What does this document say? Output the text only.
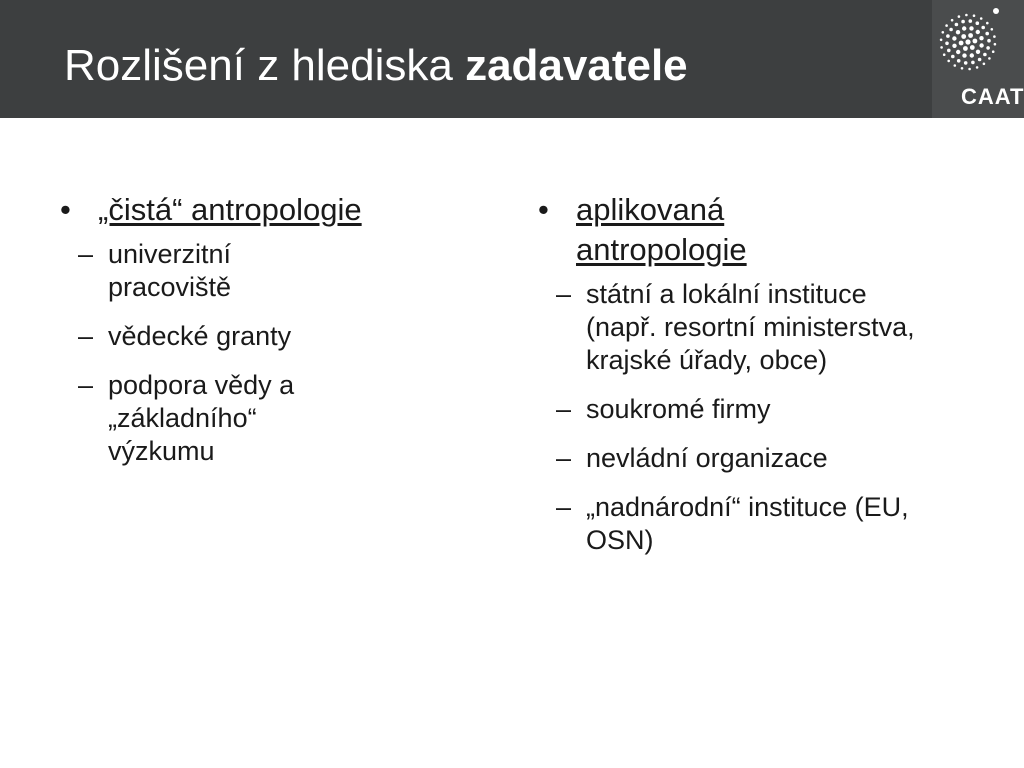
Rozlišení z hlediska zadavatele
CAAT
• „čistá“ antropologie
– univerzitní pracoviště
– vědecké granty
– podpora vědy a „základního“ výzkumu
• aplikovaná antropologie
– státní a lokální instituce (např. resortní ministerstva, krajské úřady, obce)
– soukromé firmy
– nevládní organizace
– „nadnárodní“ instituce (EU, OSN)
